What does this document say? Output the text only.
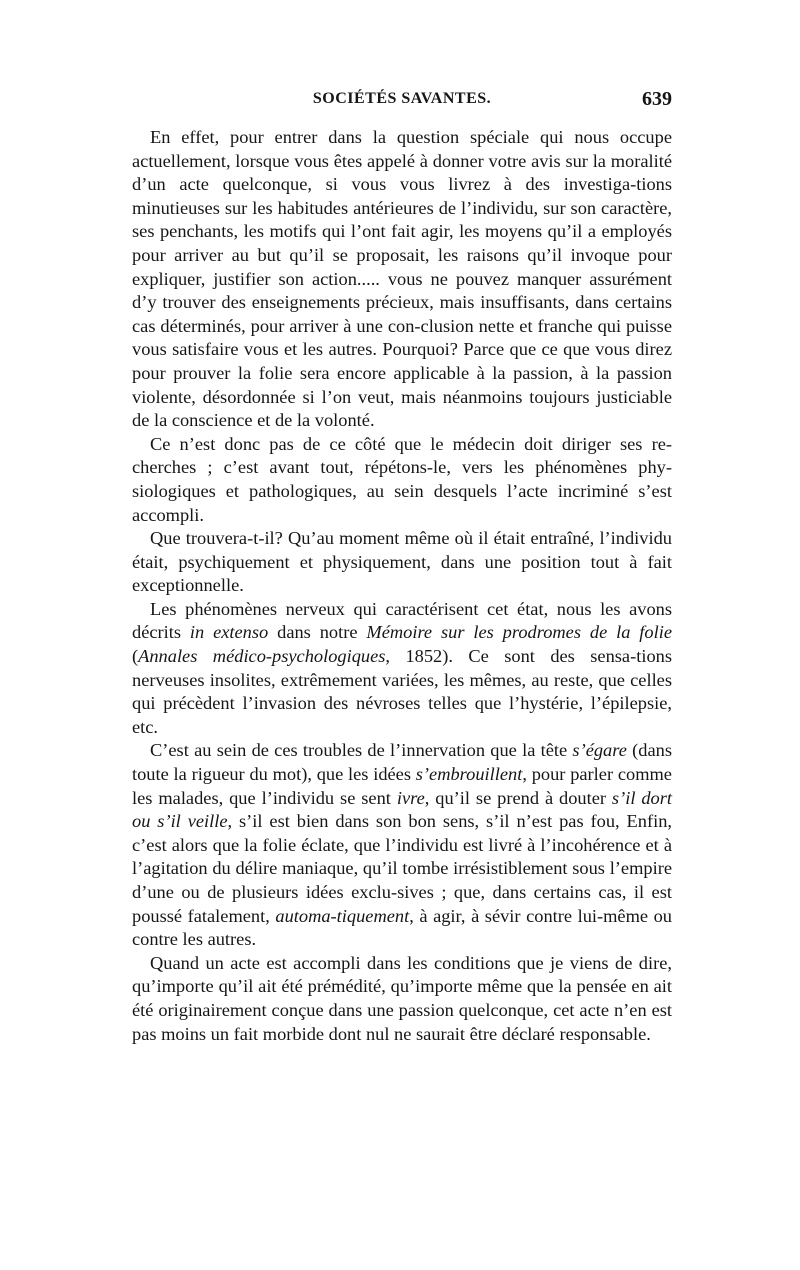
SOCIÉTÉS SAVANTES.	639

En effet, pour entrer dans la question spéciale qui nous occupe actuellement, lorsque vous êtes appelé à donner votre avis sur la moralité d’un acte quelconque, si vous vous livrez à des investiga-tions minutieuses sur les habitudes antérieures de l’individu, sur son caractère, ses penchants, les motifs qui l’ont fait agir, les moyens qu’il a employés pour arriver au but qu’il se proposait, les raisons qu’il invoque pour expliquer, justifier son action..... vous ne pouvez manquer assurément d’y trouver des enseignements précieux, mais insuffisants, dans certains cas déterminés, pour arriver à une con-clusion nette et franche qui puisse vous satisfaire vous et les autres. Pourquoi? Parce que ce que vous direz pour prouver la folie sera encore applicable à la passion, à la passion violente, désordonnée si l’on veut, mais néanmoins toujours justiciable de la conscience et de la volonté.

Ce n’est donc pas de ce côté que le médecin doit diriger ses re-cherches ; c’est avant tout, répétons-le, vers les phénomènes phy-siologiques et pathologiques, au sein desquels l’acte incriminé s’est accompli.

Que trouvera-t-il? Qu’au moment même où il était entraîné, l’individu était, psychiquement et physiquement, dans une position tout à fait exceptionnelle.

Les phénomènes nerveux qui caractérisent cet état, nous les avons décrits in extenso dans notre Mémoire sur les prodromes de la folie (Annales médico-psychologiques, 1852). Ce sont des sensa-tions nerveuses insolites, extrêmement variées, les mêmes, au reste, que celles qui précèdent l’invasion des névroses telles que l’hystérie, l’épilepsie, etc.

C’est au sein de ces troubles de l’innervation que la tête s’égare (dans toute la rigueur du mot), que les idées s’embrouillent, pour parler comme les malades, que l’individu se sent ivre, qu’il se prend à douter s’il dort ou s’il veille, s’il est bien dans son bon sens, s’il n’est pas fou, Enfin, c’est alors que la folie éclate, que l’individu est livré à l’incohérence et à l’agitation du délire maniaque, qu’il tombe irrésistiblement sous l’empire d’une ou de plusieurs idées exclu-sives ; que, dans certains cas, il est poussé fatalement, automa-tiquement, à agir, à sévir contre lui-même ou contre les autres.

Quand un acte est accompli dans les conditions que je viens de dire, qu’importe qu’il ait été prémédité, qu’importe même que la pensée en ait été originairement conçue dans une passion quelconque, cet acte n’en est pas moins un fait morbide dont nul ne saurait être déclaré responsable.
